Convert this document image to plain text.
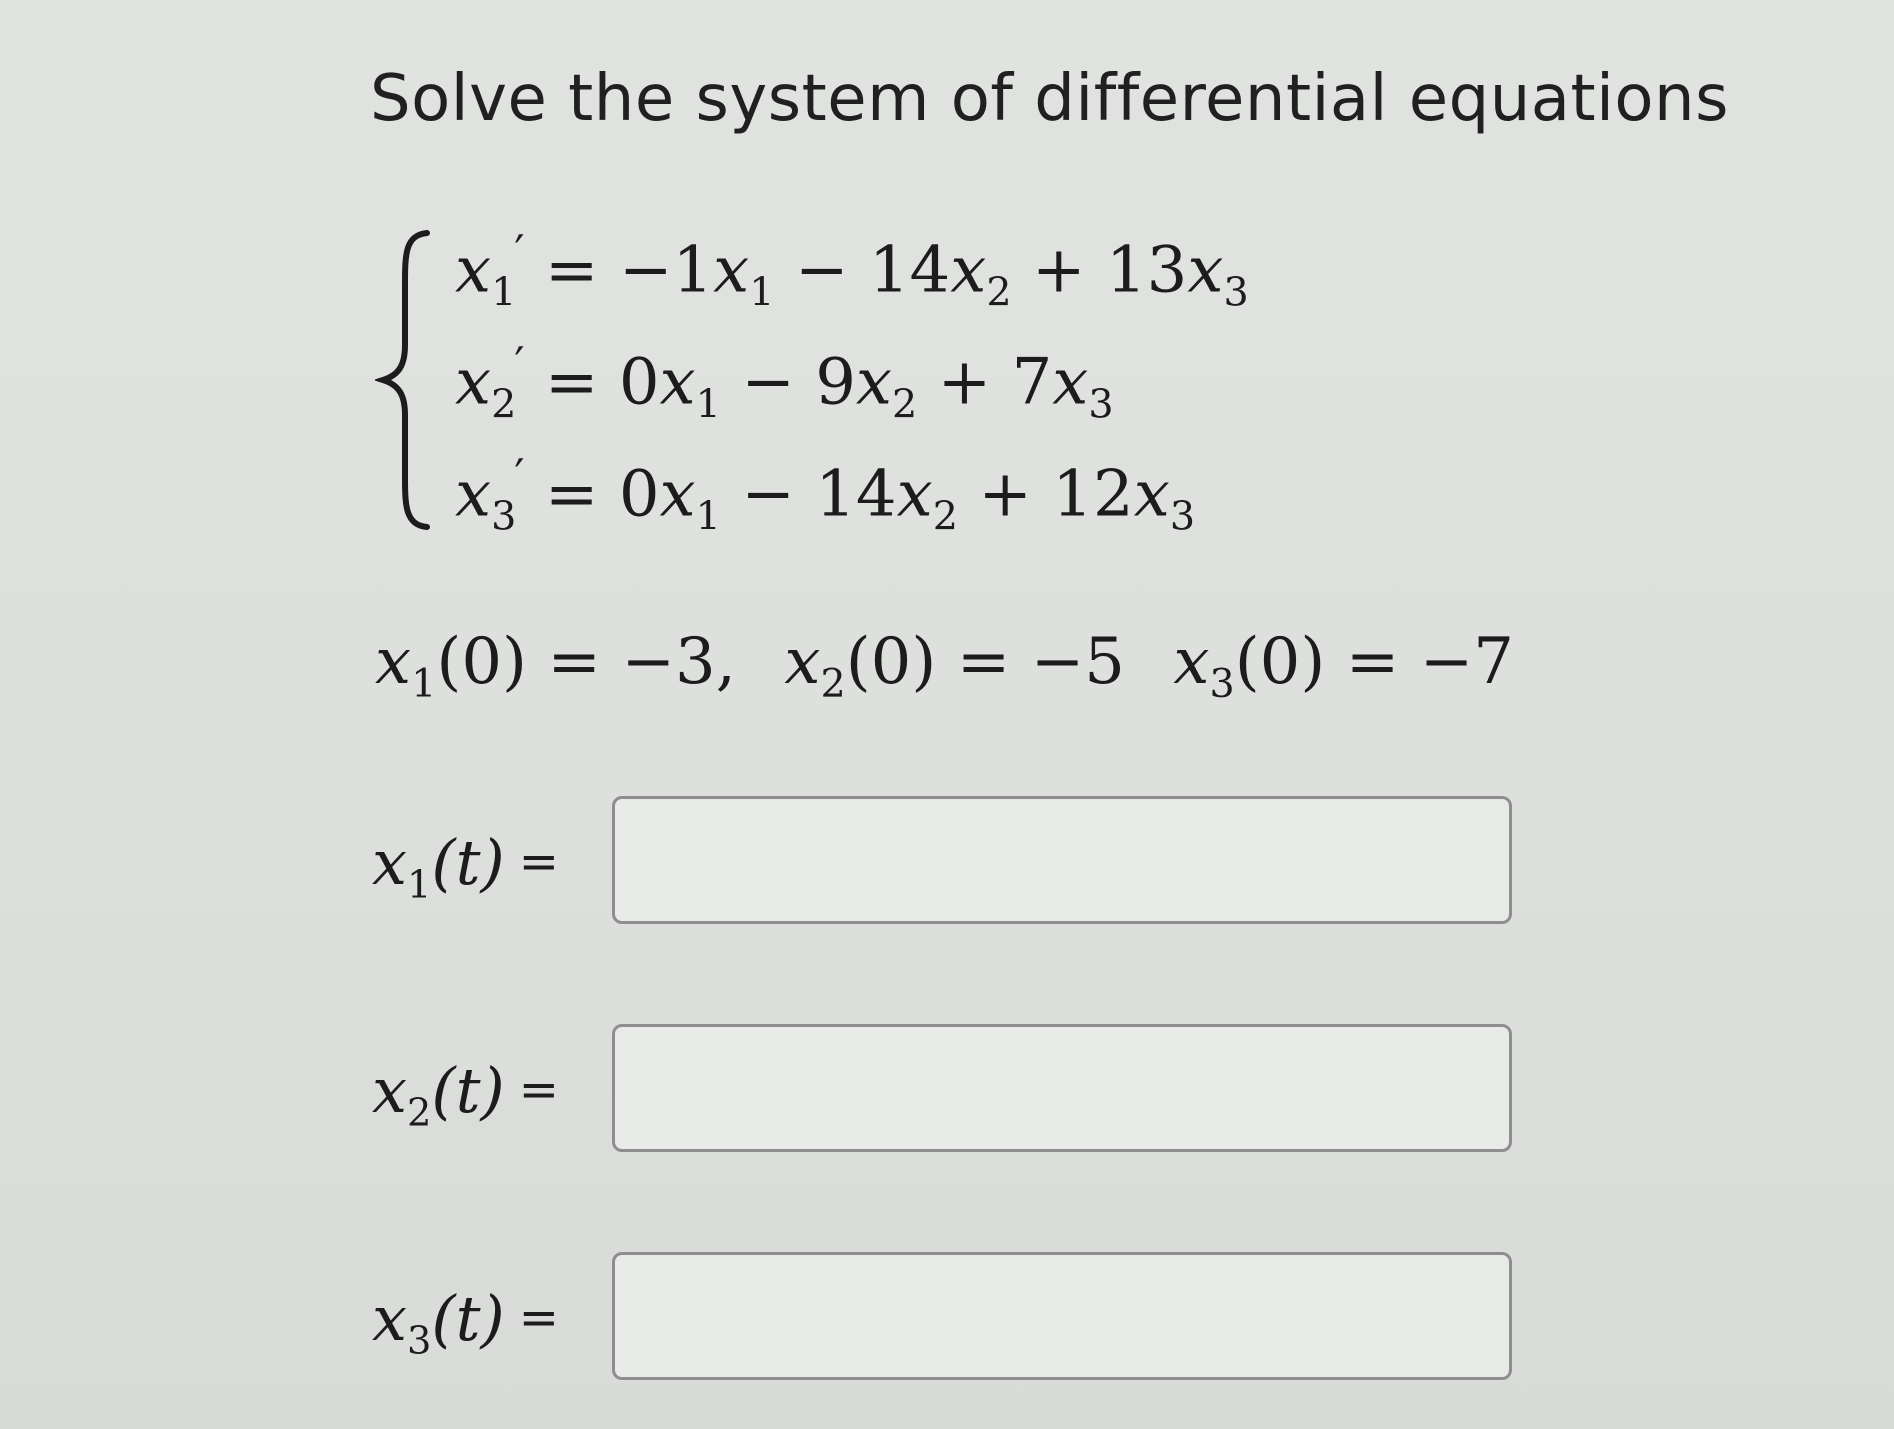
Solve the system of differential equations
$x_1' = -1x_1 - 14x_2 + 13x_3$
$x_2' = 0x_1 - 9x_2 + 7x_3$
$x_3' = 0x_1 - 14x_2 + 12x_3$
$x_1(0) = -3$, $x_2(0) = -5$ $x_3(0) = -7$
$x_1(t)$ =
$x_2(t)$ =
$x_3(t)$ =
